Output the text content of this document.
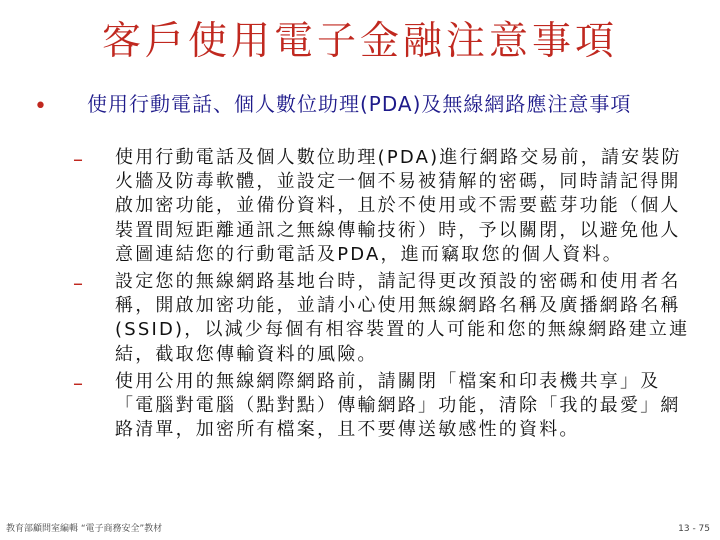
客戶使用電子金融注意事項
• 使用行動電話、個人數位助理(PDA)及無線網路應注意事項
– 使用行動電話及個人數位助理(PDA)進行網路交易前，請安裝防火牆及防毒軟體，並設定一個不易被猜解的密碼，同時請記得開啟加密功能，並備份資料，且於不使用或不需要藍芽功能（個人裝置間短距離通訊之無線傳輸技術）時，予以關閉，以避免他人意圖連結您的行動電話及PDA，進而竊取您的個人資料。
– 設定您的無線網路基地台時，請記得更改預設的密碼和使用者名稱，開啟加密功能，並請小心使用無線網路名稱及廣播網路名稱(SSID)，以減少每個有相容裝置的人可能和您的無線網路建立連結，截取您傳輸資料的風險。
– 使用公用的無線網際網路前，請關閉「檔案和印表機共享」及「電腦對電腦（點對點）傳輸網路」功能，清除「我的最愛」網路清單，加密所有檔案，且不要傳送敏感性的資料。
教育部顧問室編輯 “電子商務安全”教材	13 - 75
